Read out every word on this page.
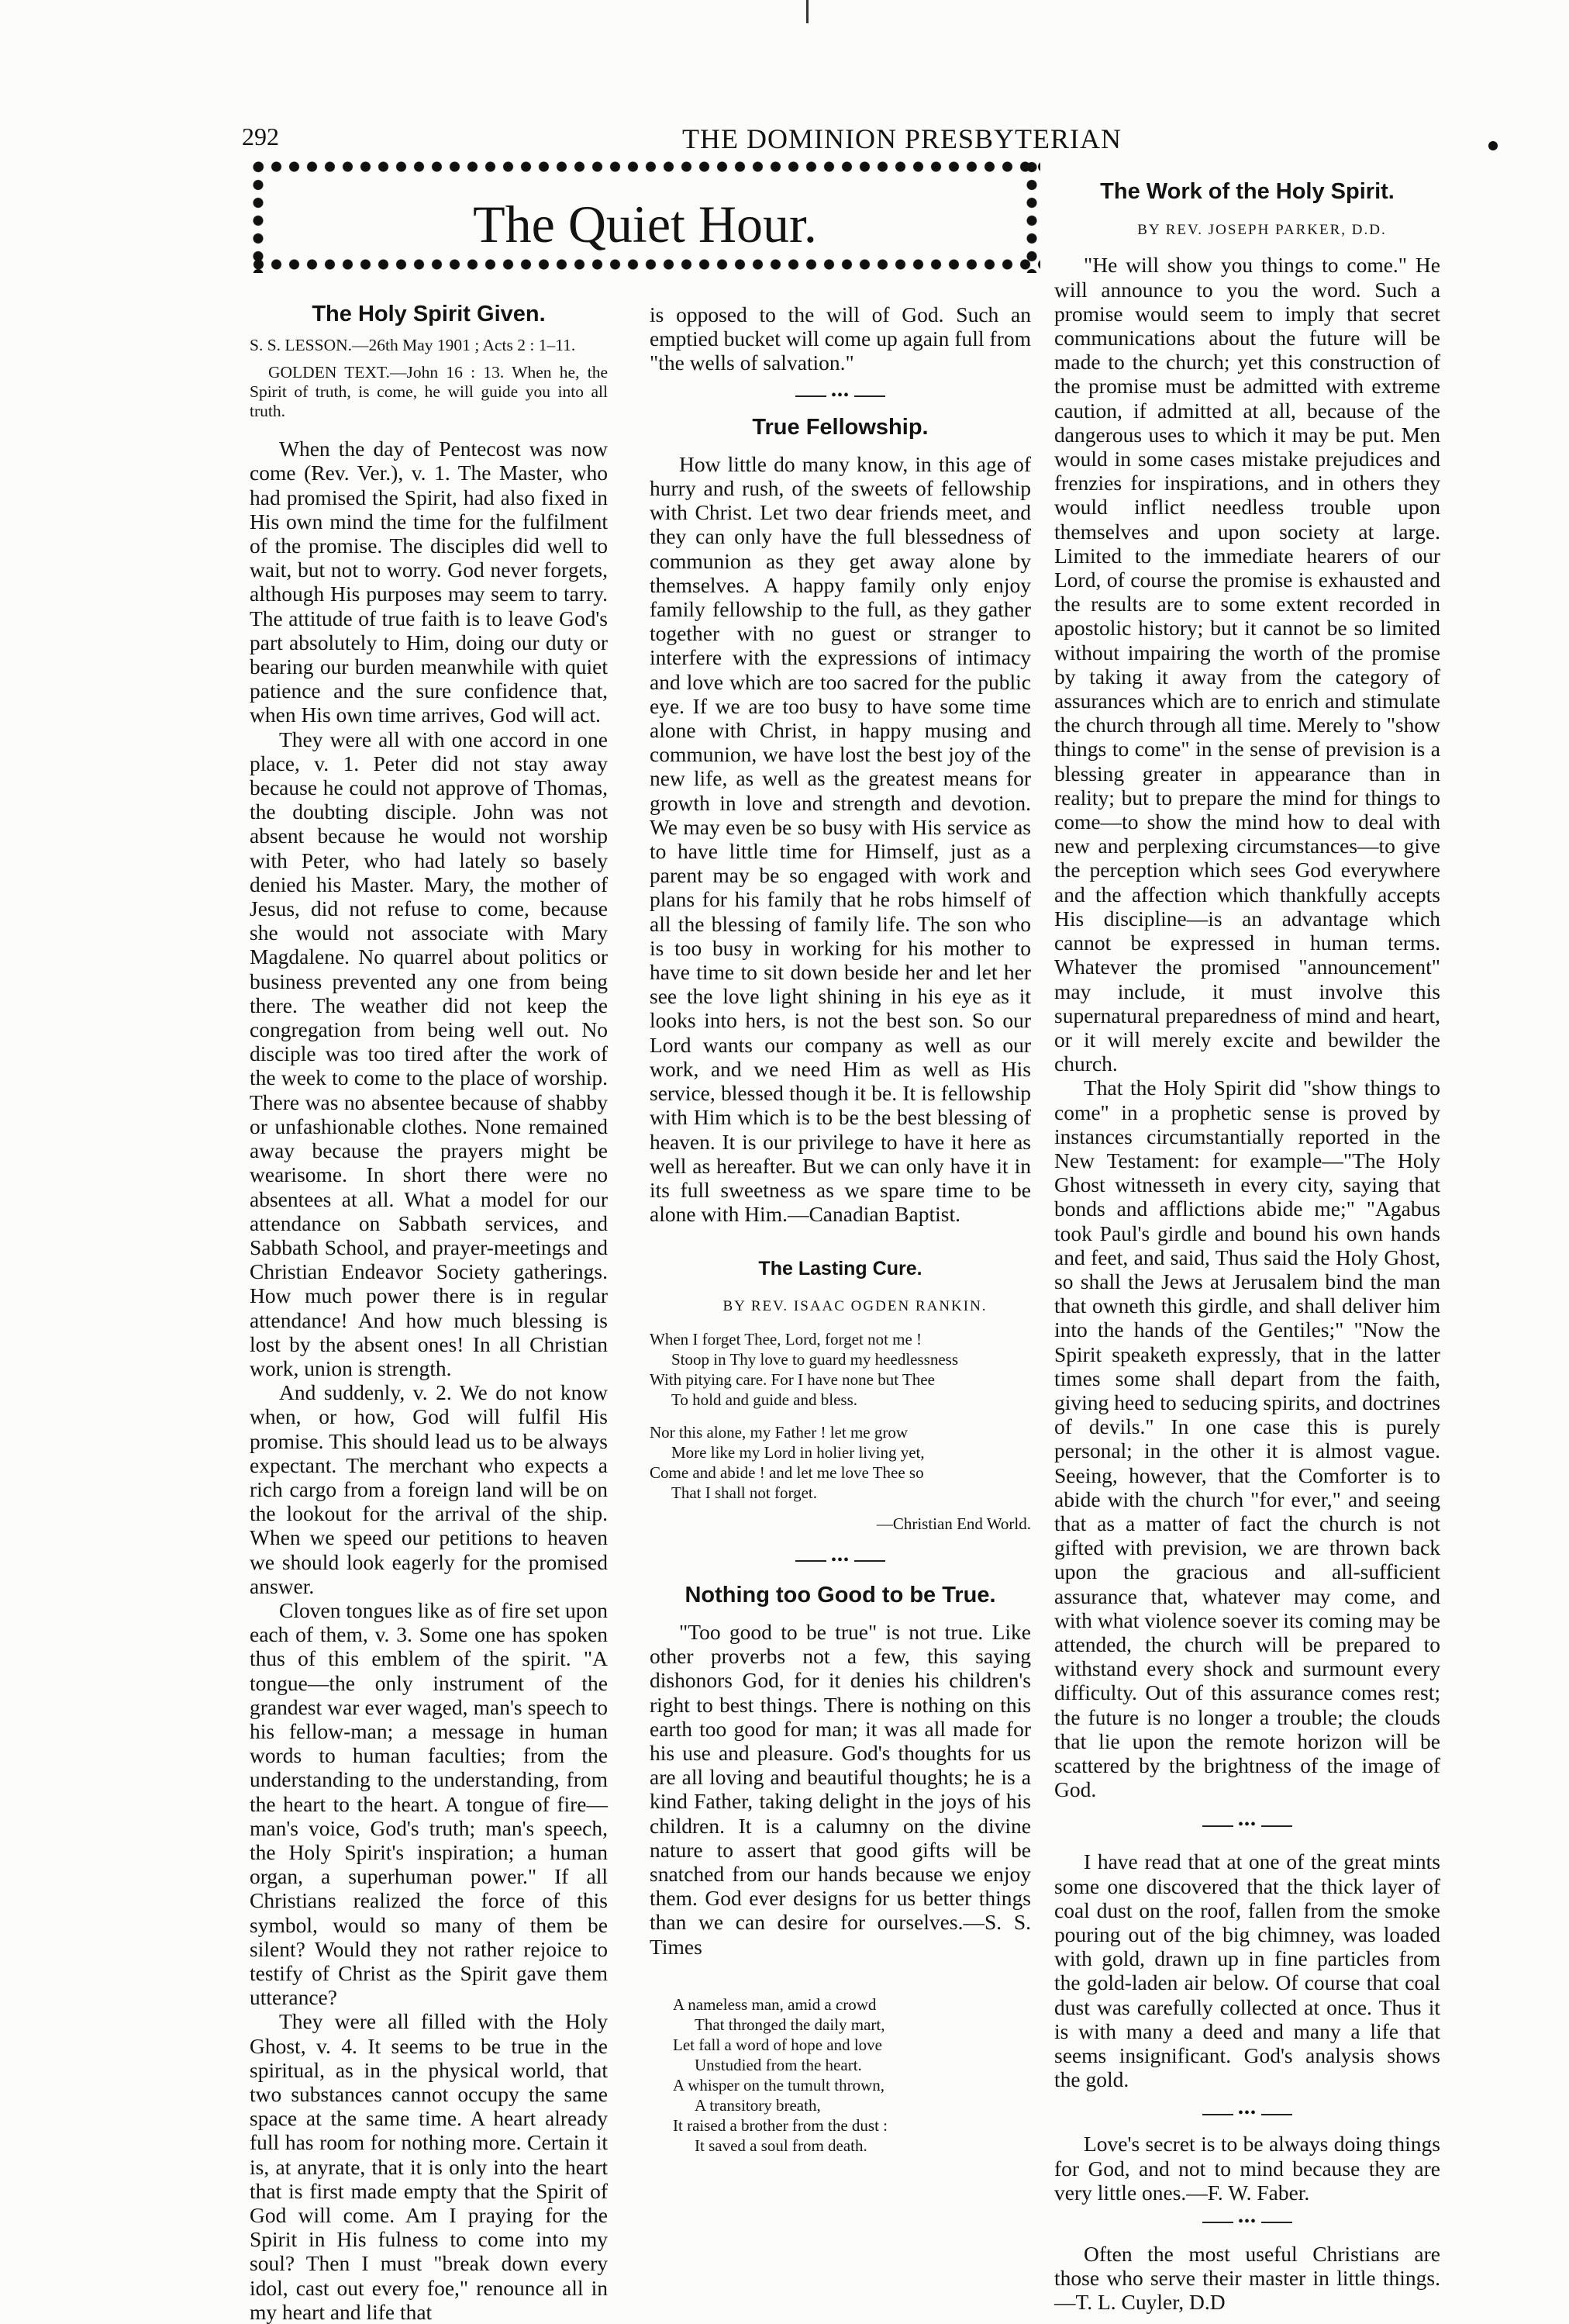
292	THE DOMINION PRESBYTERIAN
The Quiet Hour.
The Holy Spirit Given.

S. S. LESSON.—26th May 1901 ; Acts 2 : 1–11.

GOLDEN TEXT.—John 16 : 13. When he, the Spirit of truth, is come, he will guide you into all truth.

When the day of Pentecost was now come (Rev. Ver.), v. 1. The Master, who had promised the Spirit, had also fixed in His own mind the time for the fulfilment of the promise. The disciples did well to wait, but not to worry. God never forgets, although His purposes may seem to tarry. The attitude of true faith is to leave God's part absolutely to Him, doing our duty or bearing our burden meanwhile with quiet patience and the sure confidence that, when His own time arrives, God will act.

They were all with one accord in one place, v. 1. Peter did not stay away because he could not approve of Thomas, the doubting disciple. John was not absent because he would not worship with Peter, who had lately so basely denied his Master. Mary, the mother of Jesus, did not refuse to come, because she would not associate with Mary Magdalene. No quarrel about politics or business prevented any one from being there. The weather did not keep the congregation from being well out. No disciple was too tired after the work of the week to come to the place of worship. There was no absentee because of shabby or unfashionable clothes. None remained away because the prayers might be wearisome. In short there were no absentees at all. What a model for our attendance on Sabbath services, and Sabbath School, and prayer-meetings and Christian Endeavor Society gatherings. How much power there is in regular attendance! And how much blessing is lost by the absent ones! In all Christian work, union is strength.

And suddenly, v. 2. We do not know when, or how, God will fulfil His promise. This should lead us to be always expectant. The merchant who expects a rich cargo from a foreign land will be on the lookout for the arrival of the ship. When we speed our petitions to heaven we should look eagerly for the promised answer.

Cloven tongues like as of fire set upon each of them, v. 3. Some one has spoken thus of this emblem of the spirit. "A tongue—the only instrument of the grandest war ever waged, man's speech to his fellow-man; a message in human words to human faculties; from the understanding to the understanding, from the heart to the heart. A tongue of fire—man's voice, God's truth; man's speech, the Holy Spirit's inspiration; a human organ, a superhuman power." If all Christians realized the force of this symbol, would so many of them be silent? Would they not rather rejoice to testify of Christ as the Spirit gave them utterance?

They were all filled with the Holy Ghost, v. 4. It seems to be true in the spiritual, as in the physical world, that two substances cannot occupy the same space at the same time. A heart already full has room for nothing more. Certain it is, at anyrate, that it is only into the heart that is first made empty that the Spirit of God will come. Am I praying for the Spirit in His fulness to come into my soul? Then I must "break down every idol, cast out every foe," renounce all in my heart and life that

is opposed to the will of God. Such an emptied bucket will come up again full from "the wells of salvation."

•••
True Fellowship.

How little do many know, in this age of hurry and rush, of the sweets of fellowship with Christ. Let two dear friends meet, and they can only have the full blessedness of communion as they get away alone by themselves. A happy family only enjoy family fellowship to the full, as they gather together with no guest or stranger to interfere with the expressions of intimacy and love which are too sacred for the public eye. If we are too busy to have some time alone with Christ, in happy musing and communion, we have lost the best joy of the new life, as well as the greatest means for growth in love and strength and devotion. We may even be so busy with His service as to have little time for Himself, just as a parent may be so engaged with work and plans for his family that he robs himself of all the blessing of family life. The son who is too busy in working for his mother to have time to sit down beside her and let her see the love light shining in his eye as it looks into hers, is not the best son. So our Lord wants our company as well as our work, and we need Him as well as His service, blessed though it be. It is fellowship with Him which is to be the best blessing of heaven. It is our privilege to have it here as well as hereafter. But we can only have it in its full sweetness as we spare time to be alone with Him.—Canadian Baptist.

The Lasting Cure.

BY REV. ISAAC OGDEN RANKIN.

When I forget Thee, Lord, forget not me !
Stoop in Thy love to guard my heedlessness
With pitying care. For I have none but Thee
To hold and guide and bless.
Nor this alone, my Father ! let me grow
More like my Lord in holier living yet,
Come and abide ! and let me love Thee so
That I shall not forget.
—Christian End World.
•••
Nothing too Good to be True.

"Too good to be true" is not true. Like other proverbs not a few, this saying dishonors God, for it denies his children's right to best things. There is nothing on this earth too good for man; it was all made for his use and pleasure. God's thoughts for us are all loving and beautiful thoughts; he is a kind Father, taking delight in the joys of his children. It is a calumny on the divine nature to assert that good gifts will be snatched from our hands because we enjoy them. God ever designs for us better things than we can desire for ourselves.—S. S. Times

A nameless man, amid a crowd
That thronged the daily mart,
Let fall a word of hope and love
Unstudied from the heart.
A whisper on the tumult thrown,
A transitory breath,
It raised a brother from the dust :
It saved a soul from death.
The Work of the Holy Spirit.

BY REV. JOSEPH PARKER, D.D.

"He will show you things to come." He will announce to you the word. Such a promise would seem to imply that secret communications about the future will be made to the church; yet this construction of the promise must be admitted with extreme caution, if admitted at all, because of the dangerous uses to which it may be put. Men would in some cases mistake prejudices and frenzies for inspirations, and in others they would inflict needless trouble upon themselves and upon society at large. Limited to the immediate hearers of our Lord, of course the promise is exhausted and the results are to some extent recorded in apostolic history; but it cannot be so limited without impairing the worth of the promise by taking it away from the category of assurances which are to enrich and stimulate the church through all time. Merely to "show things to come" in the sense of prevision is a blessing greater in appearance than in reality; but to prepare the mind for things to come—to show the mind how to deal with new and perplexing circumstances—to give the perception which sees God everywhere and the affection which thankfully accepts His discipline—is an advantage which cannot be expressed in human terms. Whatever the promised "announcement" may include, it must involve this supernatural preparedness of mind and heart, or it will merely excite and bewilder the church.

That the Holy Spirit did "show things to come" in a prophetic sense is proved by instances circumstantially reported in the New Testament: for example—"The Holy Ghost witnesseth in every city, saying that bonds and afflictions abide me;" "Agabus took Paul's girdle and bound his own hands and feet, and said, Thus said the Holy Ghost, so shall the Jews at Jerusalem bind the man that owneth this girdle, and shall deliver him into the hands of the Gentiles;" "Now the Spirit speaketh expressly, that in the latter times some shall depart from the faith, giving heed to seducing spirits, and doctrines of devils." In one case this is purely personal; in the other it is almost vague. Seeing, however, that the Comforter is to abide with the church "for ever," and seeing that as a matter of fact the church is not gifted with prevision, we are thrown back upon the gracious and all-sufficient assurance that, whatever may come, and with what violence soever its coming may be attended, the church will be prepared to withstand every shock and surmount every difficulty. Out of this assurance comes rest; the future is no longer a trouble; the clouds that lie upon the remote horizon will be scattered by the brightness of the image of God.

•••

I have read that at one of the great mints some one discovered that the thick layer of coal dust on the roof, fallen from the smoke pouring out of the big chimney, was loaded with gold, drawn up in fine particles from the gold-laden air below. Of course that coal dust was carefully collected at once. Thus it is with many a deed and many a life that seems insignificant. God's analysis shows the gold.

•••

Love's secret is to be always doing things for God, and not to mind because they are very little ones.—F. W. Faber.

•••

Often the most useful Christians are those who serve their master in little things.—T. L. Cuyler, D.D
